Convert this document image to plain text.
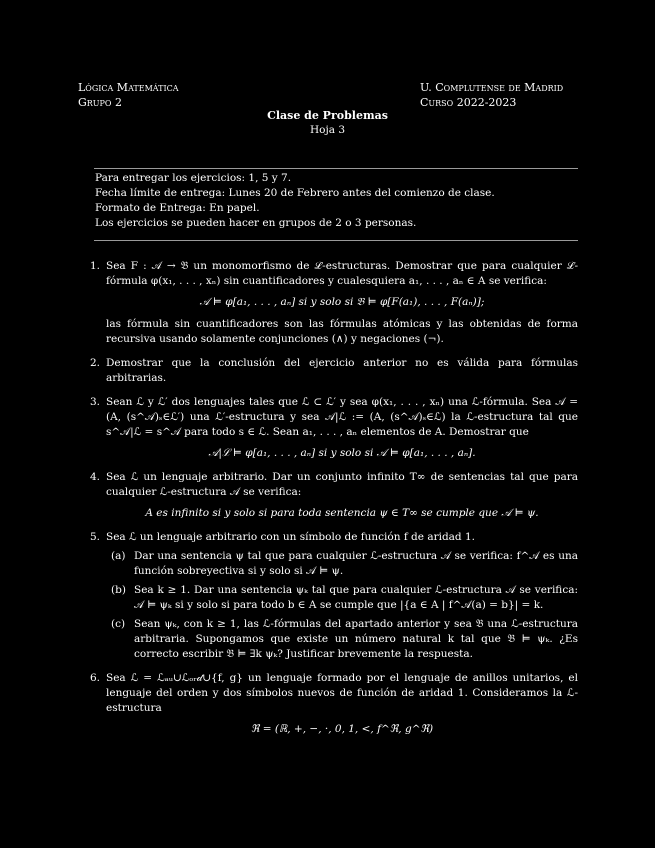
Lógica Matemática
Grupo 2
U. Complutense de Madrid
Curso 2022-2023
Clase de Problemas
Hoja 3
Para entregar los ejercicios: 1, 5 y 7.
Fecha límite de entrega: Lunes 20 de Febrero antes del comienzo de clase.
Formato de Entrega: En papel.
Los ejercicios se pueden hacer en grupos de 2 o 3 personas.
1. Sea F : 𝒜 → 𝔅 un monomorfismo de ℒ-estructuras. Demostrar que para cualquier ℒ-fórmula φ(x₁, . . . , xₙ) sin cuantificadores y cualesquiera a₁, . . . , aₙ ∈ A se verifica:
𝒜 ⊨ φ[a₁, . . . , aₙ] si y solo si 𝔅 ⊨ φ[F(a₁), . . . , F(aₙ)];
las fórmula sin cuantificadores son las fórmulas atómicas y las obtenidas de forma recursiva usando solamente conjunciones (∧) y negaciones (¬).
2. Demostrar que la conclusión del ejercicio anterior no es válida para fórmulas arbitrarias.
3. Sean ℒ y ℒ′ dos lenguajes tales que ℒ ⊂ ℒ′ y sea φ(x₁, . . . , xₙ) una ℒ-fórmula. Sea 𝒜 = (A, (s^𝒜)ₛ∈ℒ′) una ℒ′-estructura y sea 𝒜|ℒ := (A, (s^𝒜)ₛ∈ℒ) la ℒ-estructura tal que s^𝒜|ℒ = s^𝒜 para todo s ∈ ℒ. Sean a₁, . . . , aₙ elementos de A. Demostrar que
𝒜|ℒ ⊨ φ[a₁, . . . , aₙ] si y solo si 𝒜 ⊨ φ[a₁, . . . , aₙ].
4. Sea ℒ un lenguaje arbitrario. Dar un conjunto infinito T∞ de sentencias tal que para cualquier ℒ-estructura 𝒜 se verifica:
A es infinito si y solo si para toda sentencia ψ ∈ T∞ se cumple que 𝒜 ⊨ ψ.
5. Sea ℒ un lenguaje arbitrario con un símbolo de función f de aridad 1.
(a) Dar una sentencia ψ tal que para cualquier ℒ-estructura 𝒜 se verifica: f^𝒜 es una función sobreyectiva si y solo si 𝒜 ⊨ ψ.
(b) Sea k ≥ 1. Dar una sentencia ψₖ tal que para cualquier ℒ-estructura 𝒜 se verifica: 𝒜 ⊨ ψₖ si y solo si para todo b ∈ A se cumple que |{a ∈ A | f^𝒜(a) = b}| = k.
(c) Sean ψₖ, con k ≥ 1, las ℒ-fórmulas del apartado anterior y sea 𝔅 una ℒ-estructura arbitraria. Supongamos que existe un número natural k tal que 𝔅 ⊨ ψₖ. ¿Es correcto escribir 𝔅 ⊨ ∃k ψₖ? Justificar brevemente la respuesta.
6. Sea ℒ = ℒₐᵤ∪ℒₒᵣ𝒹∪{f, g} un lenguaje formado por el lenguaje de anillos unitarios, el lenguaje del orden y dos símbolos nuevos de función de aridad 1. Consideramos la ℒ-estructura
ℜ = (ℝ, +, −, ·, 0, 1, <, f^ℜ, g^ℜ)
